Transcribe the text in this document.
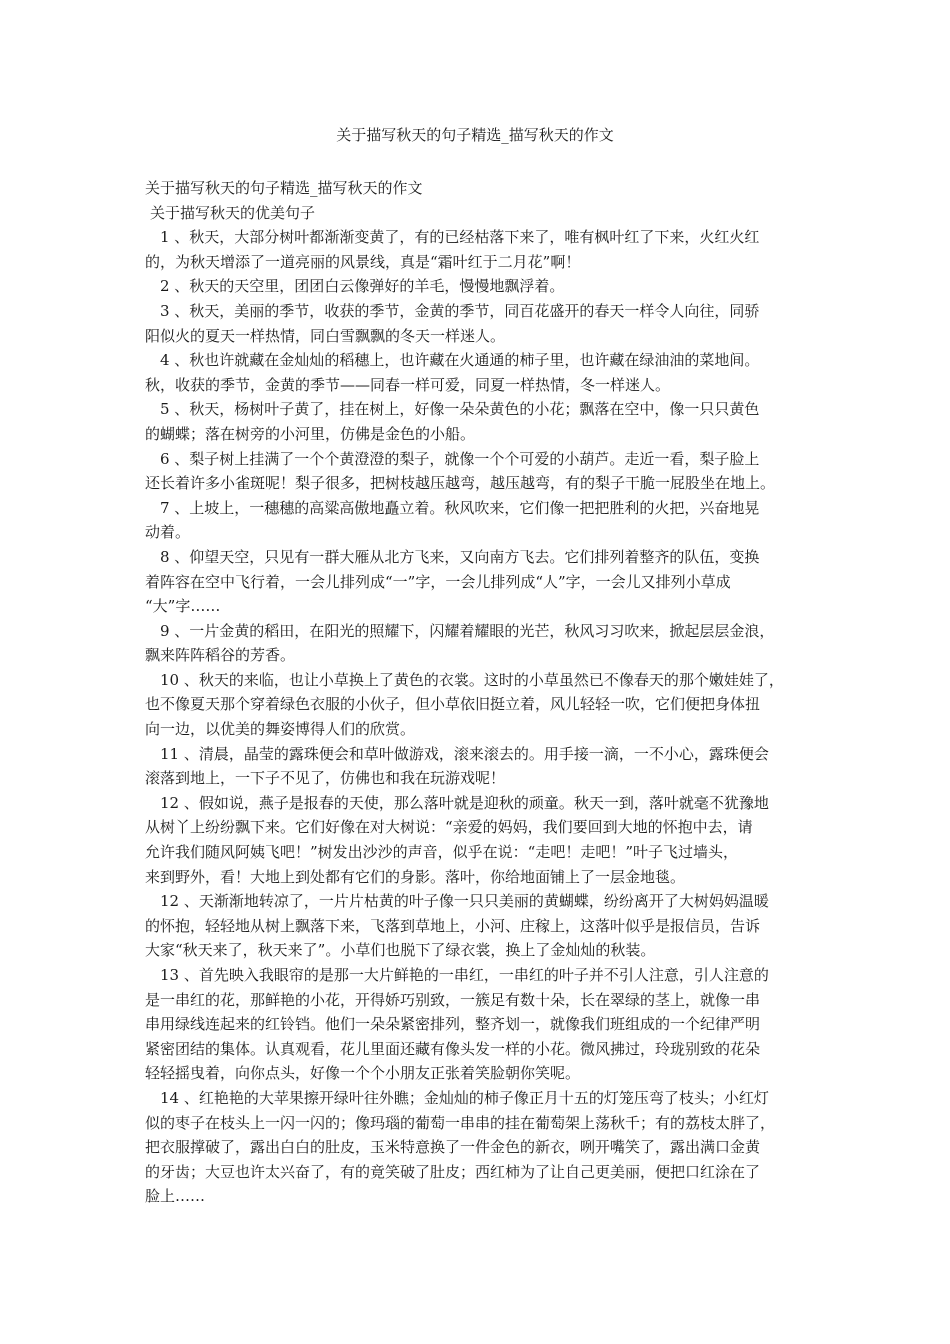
关于描写秋天的句子精选_描写秋天的作文
关于描写秋天的句子精选_描写秋天的作文
关于描写秋天的优美句子
1 、秋天，大部分树叶都渐渐变黄了，有的已经枯落下来了，唯有枫叶红了下来，火红火红
的，为秋天增添了一道亮丽的风景线，真是“霜叶红于二月花”啊！
2 、秋天的天空里，团团白云像弹好的羊毛，慢慢地飘浮着。
3 、秋天，美丽的季节，收获的季节，金黄的季节，同百花盛开的春天一样令人向往，同骄
阳似火的夏天一样热情，同白雪飘飘的冬天一样迷人。
4 、秋也许就藏在金灿灿的稻穗上，也许藏在火通通的柿子里，也许藏在绿油油的菜地间。
秋，收获的季节，金黄的季节——同春一样可爱，同夏一样热情，冬一样迷人。
5 、秋天，杨树叶子黄了，挂在树上，好像一朵朵黄色的小花；飘落在空中，像一只只黄色
的蝴蝶；落在树旁的小河里，仿佛是金色的小船。
6 、梨子树上挂满了一个个黄澄澄的梨子，就像一个个可爱的小葫芦。走近一看，梨子脸上
还长着许多小雀斑呢！梨子很多，把树枝越压越弯，越压越弯，有的梨子干脆一屁股坐在地上。
7 、上坡上，一穗穗的高粱高傲地矗立着。秋风吹来，它们像一把把胜利的火把，兴奋地晃
动着。
8 、仰望天空，只见有一群大雁从北方飞来，又向南方飞去。它们排列着整齐的队伍，变换
着阵容在空中飞行着，一会儿排列成“一”字，一会儿排列成“人”字，一会儿又排列小草成
“大”字……
9 、一片金黄的稻田，在阳光的照耀下，闪耀着耀眼的光芒，秋风习习吹来，掀起层层金浪，
飘来阵阵稻谷的芳香。
10 、秋天的来临，也让小草换上了黄色的衣裳。这时的小草虽然已不像春天的那个嫩娃娃了，
也不像夏天那个穿着绿色衣服的小伙子，但小草依旧挺立着，风儿轻轻一吹，它们便把身体扭
向一边，以优美的舞姿博得人们的欣赏。
11 、清晨，晶莹的露珠便会和草叶做游戏，滚来滚去的。用手接一滴，一不小心，露珠便会
滚落到地上，一下子不见了，仿佛也和我在玩游戏呢！
12 、假如说，燕子是报春的天使，那么落叶就是迎秋的顽童。秋天一到，落叶就毫不犹豫地
从树丫上纷纷飘下来。它们好像在对大树说：“亲爱的妈妈，我们要回到大地的怀抱中去，请
允许我们随风阿姨飞吧！”树发出沙沙的声音，似乎在说：“走吧！走吧！”叶子飞过墙头，
来到野外，看！大地上到处都有它们的身影。落叶，你给地面铺上了一层金地毯。
12 、天渐渐地转凉了，一片片枯黄的叶子像一只只美丽的黄蝴蝶，纷纷离开了大树妈妈温暖
的怀抱，轻轻地从树上飘落下来，飞落到草地上，小河、庄稼上，这落叶似乎是报信员，告诉
大家“秋天来了，秋天来了”。小草们也脱下了绿衣裳，换上了金灿灿的秋装。
13 、首先映入我眼帘的是那一大片鲜艳的一串红，一串红的叶子并不引人注意，引人注意的
是一串红的花，那鲜艳的小花，开得娇巧别致，一簇足有数十朵，长在翠绿的茎上，就像一串
串用绿线连起来的红铃铛。他们一朵朵紧密排列，整齐划一，就像我们班组成的一个纪律严明
紧密团结的集体。认真观看，花儿里面还藏有像头发一样的小花。微风拂过，玲珑别致的花朵
轻轻摇曳着，向你点头，好像一个个小朋友正张着笑脸朝你笑呢。
14 、红艳艳的大苹果擦开绿叶往外瞧；金灿灿的柿子像正月十五的灯笼压弯了枝头；小红灯
似的枣子在枝头上一闪一闪的；像玛瑙的葡萄一串串的挂在葡萄架上荡秋千；有的荔枝太胖了，
把衣服撑破了，露出白白的肚皮，玉米特意换了一件金色的新衣，咧开嘴笑了，露出满口金黄
的牙齿；大豆也许太兴奋了，有的竟笑破了肚皮；西红柿为了让自己更美丽，便把口红涂在了
脸上……
